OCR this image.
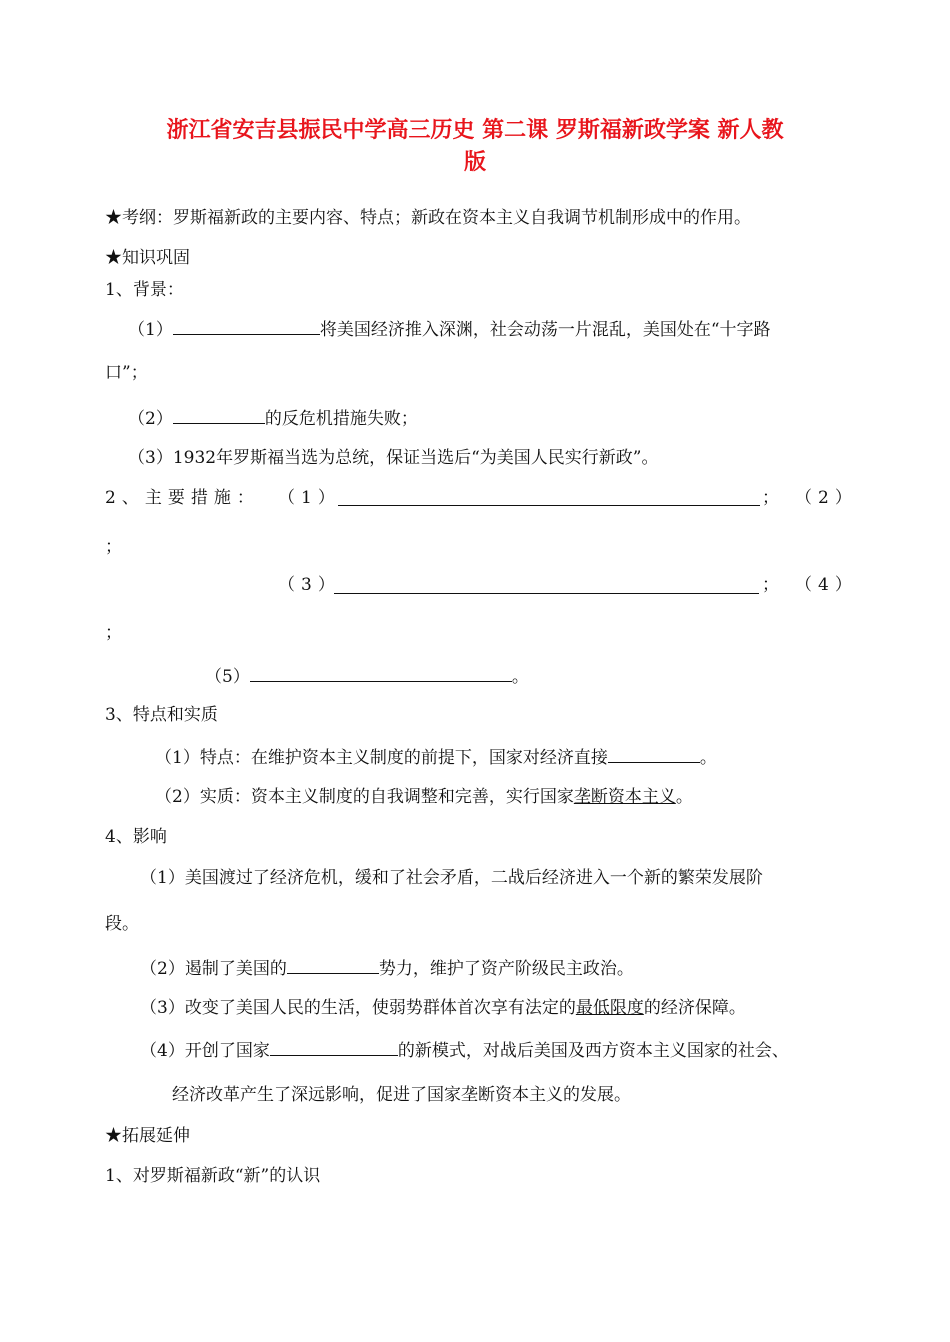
浙江省安吉县振民中学高三历史 第二课 罗斯福新政学案 新人教
版
★考纲：罗斯福新政的主要内容、特点；新政在资本主义自我调节机制形成中的作用。
★知识巩固
1、背景：
（1）	将美国经济推入深渊，社会动荡一片混乱，美国处在“十字路
口”；
（2）	的反危机措施失败；
（3）1932年罗斯福当选为总统，保证当选后“为美国人民实行新政”。
2、主要措施： （1）	； （2）
；
（3）	； （4）
；
（5）	。
3、特点和实质
（1）特点：在维护资本主义制度的前提下，国家对经济直接	。
（2）实质：资本主义制度的自我调整和完善，实行国家垄断资本主义。
4、影响
（1）美国渡过了经济危机，缓和了社会矛盾，二战后经济进入一个新的繁荣发展阶
段。
（2）遏制了美国的	势力，维护了资产阶级民主政治。
（3）改变了美国人民的生活，使弱势群体首次享有法定的最低限度的经济保障。
（4）开创了国家	的新模式，对战后美国及西方资本主义国家的社会、
经济改革产生了深远影响，促进了国家垄断资本主义的发展。
★拓展延伸
1、对罗斯福新政“新”的认识
